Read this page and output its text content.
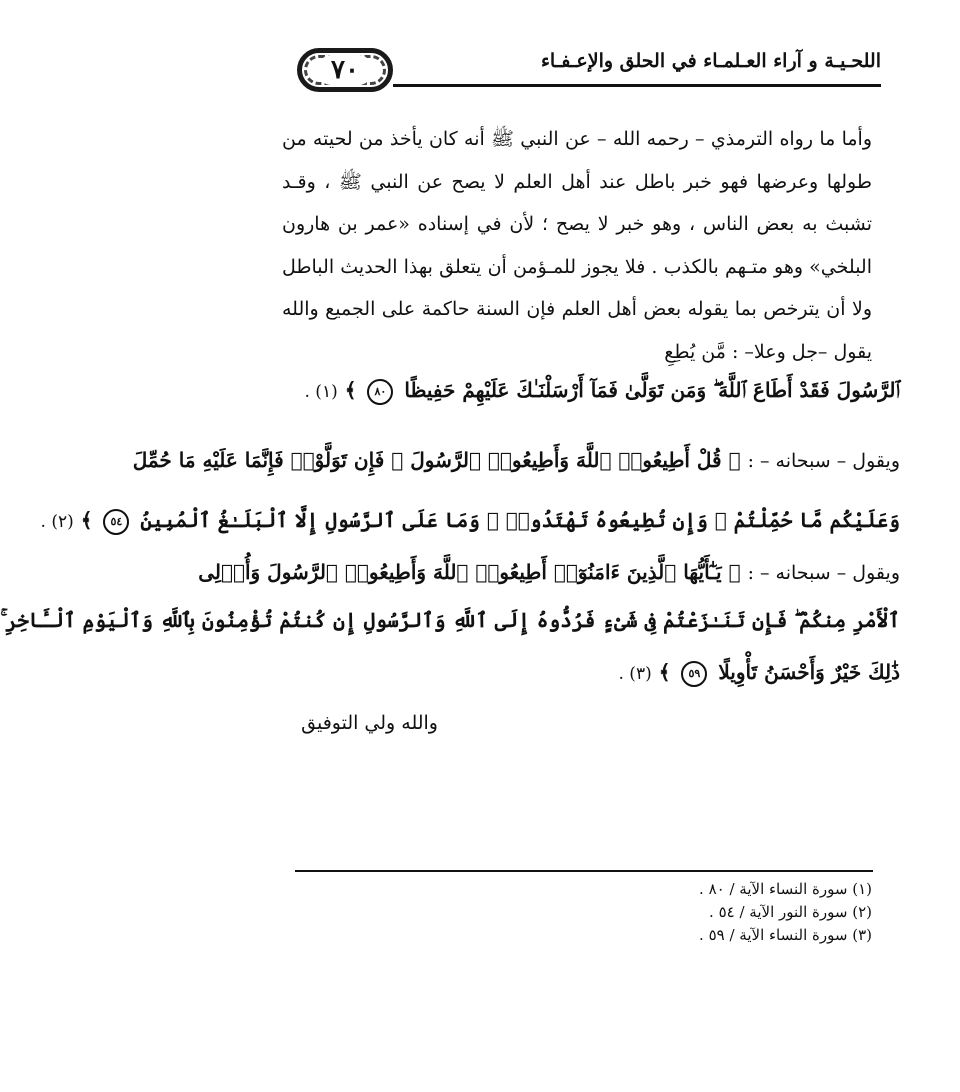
٧٠	اللحـيـة و آراء العـلمـاء في الحلق والإعـفـاء

وأما ما رواه الترمذي – رحمه الله – عن النبي ﷺ أنه كان يأخذ من لحيته من طولها وعرضها فهو خبر باطل عند أهل العلم لا يصح عن النبي ﷺ ، وقـد تشبث به بعض الناس ، وهو خبر لا يصح ؛ لأن في إسناده «عمر بن هارون البلخي» وهو متـهم بالكذب . فلا يجوز للمـؤمن أن يتعلق بهذا الحديث الباطل ولا أن يترخص بما يقوله بعض أهل العلم فإن السنة حاكمة على الجميع والله يقول –جل وعلا– : مَّن يُطِعِ

ٱلرَّسُولَ فَقَدْ أَطَاعَ ٱللَّهَ ۖ وَمَن تَوَلَّىٰ فَمَآ أَرْسَلْنَـٰكَ عَلَيْهِمْ حَفِيظًا ٨٠ ﴾ (١) .
ويقول – سبحانه – : ﴿ قُلْ أَطِيعُوا۟ ٱللَّهَ وَأَطِيعُوا۟ ٱلرَّسُولَ ۖ فَإِن تَوَلَّوْا۟ فَإِنَّمَا عَلَيْهِ مَا حُمِّلَ
وَعَلَيْكُم مَّا حُمِّلْتُمْ ۖ وَإِن تُطِيعُوهُ تَهْتَدُوا۟ ۚ وَمَا عَلَى ٱلرَّسُولِ إِلَّا ٱلْبَلَـٰغُ ٱلْمُبِينُ ٥٤ ﴾ (٢) .
ويقول – سبحانه – : ﴿ يَـٰٓأَيُّهَا ٱلَّذِينَ ءَامَنُوٓا۟ أَطِيعُوا۟ ٱللَّهَ وَأَطِيعُوا۟ ٱلرَّسُولَ وَأُو۟لِى
ٱلْأَمْرِ مِنكُمْ ۖ فَإِن تَنَـٰزَعْتُمْ فِى شَىْءٍ فَرُدُّوهُ إِلَى ٱللَّهِ وَٱلرَّسُولِ إِن كُنتُمْ تُؤْمِنُونَ بِٱللَّهِ وَٱلْيَوْمِ ٱلْـَٔاخِرِ ۚ
ذَٰلِكَ خَيْرٌ وَأَحْسَنُ تَأْوِيلًا ٥٩ ﴾ (٣) .
والله ولي التوفيق
(١) سورة النساء الآية / ٨٠ .
(٢) سورة النور الآية / ٥٤ .
(٣) سورة النساء الآية / ٥٩ .
